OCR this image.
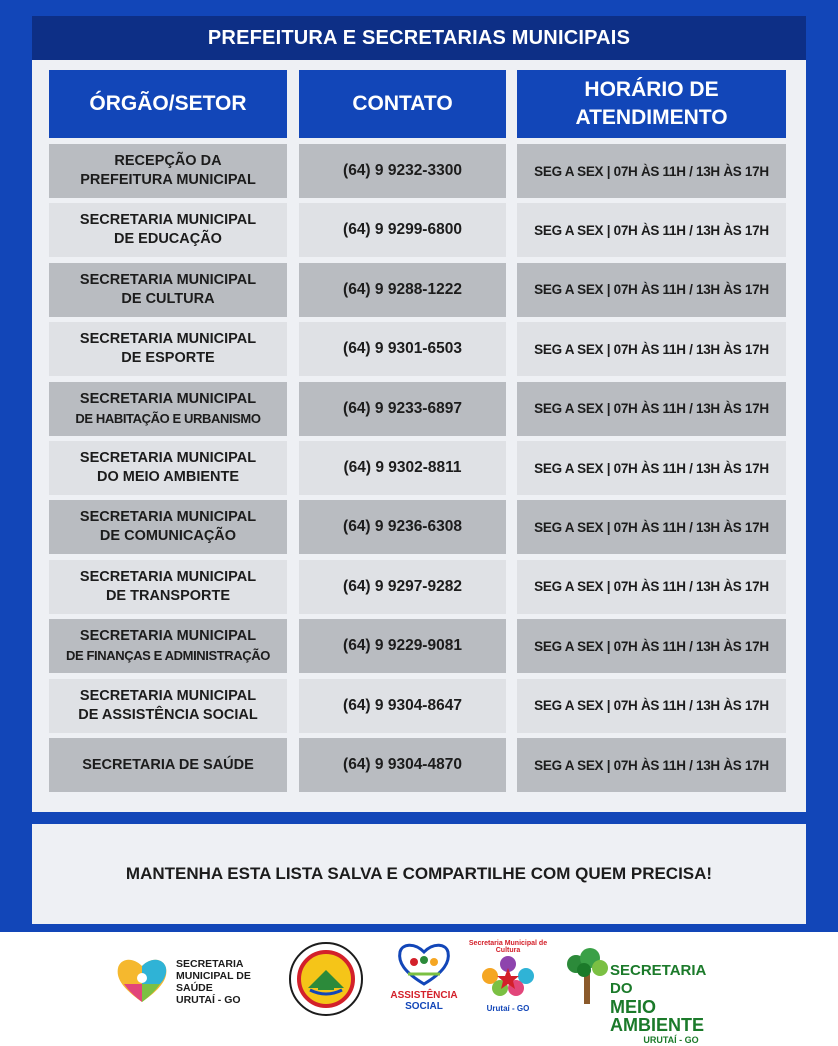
PREFEITURA E SECRETARIAS MUNICIPAIS
ÓRGÃO/SETOR	CONTATO
HORÁRIO DE
ATENDIMENTO
RECEPÇÃO DA
PREFEITURA MUNICIPAL
(64) 9 9232-3300	SEG A SEX | 07H ÀS 11H / 13H ÀS 17H
SECRETARIA MUNICIPAL
DE EDUCAÇÃO
(64) 9 9299-6800	SEG A SEX | 07H ÀS 11H / 13H ÀS 17H
SECRETARIA MUNICIPAL
DE CULTURA
(64) 9 9288-1222	SEG A SEX | 07H ÀS 11H / 13H ÀS 17H
SECRETARIA MUNICIPAL
DE ESPORTE
(64) 9 9301-6503	SEG A SEX | 07H ÀS 11H / 13H ÀS 17H
SECRETARIA MUNICIPAL
DE HABITAÇÃO E URBANISMO
(64) 9 9233-6897	SEG A SEX | 07H ÀS 11H / 13H ÀS 17H
SECRETARIA MUNICIPAL
DO MEIO AMBIENTE
(64) 9 9302-8811	SEG A SEX | 07H ÀS 11H / 13H ÀS 17H
SECRETARIA MUNICIPAL
DE COMUNICAÇÃO
(64) 9 9236-6308	SEG A SEX | 07H ÀS 11H / 13H ÀS 17H
SECRETARIA MUNICIPAL
DE TRANSPORTE
(64) 9 9297-9282	SEG A SEX | 07H ÀS 11H / 13H ÀS 17H
SECRETARIA MUNICIPAL
DE FINANÇAS E ADMINISTRAÇÃO
(64) 9 9229-9081	SEG A SEX | 07H ÀS 11H / 13H ÀS 17H
SECRETARIA MUNICIPAL
DE ASSISTÊNCIA SOCIAL
(64) 9 9304-8647	SEG A SEX | 07H ÀS 11H / 13H ÀS 17H
SECRETARIA DE SAÚDE	(64) 9 9304-4870	SEG A SEX | 07H ÀS 11H / 13H ÀS 17H
MANTENHA ESTA LISTA SALVA E COMPARTILHE COM QUEM PRECISA!
SECRETARIA
MUNICIPAL DE
SAÚDE
URUTAÍ - GO	ASSISTÊNCIA
SOCIAL
Secretaria Municipal de Cultura
Urutaí - GO
SECRETARIA DO
MEIO AMBIENTE
URUTAÍ - GO
